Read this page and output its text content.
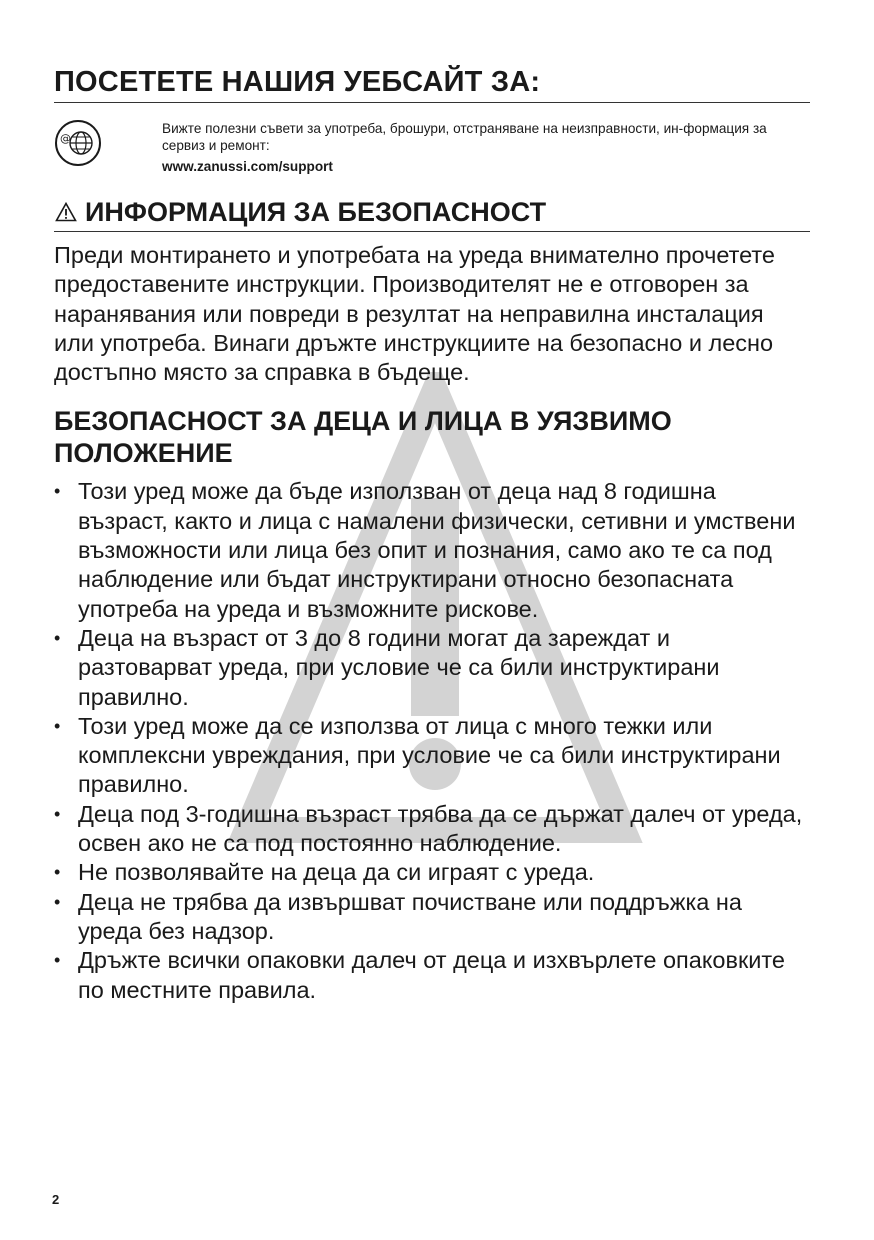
ПОСЕТЕТЕ НАШИЯ УЕБСАЙТ ЗА:
@
Вижте полезни съвети за употреба, брошури, отстраняване на неизправности, ин-формация за сервиз и ремонт:
www.zanussi.com/support
ИНФОРМАЦИЯ ЗА БЕЗОПАСНОСТ

Преди монтирането и употребата на уреда внимателно прочетете предоставените инструкции. Производителят не е отговорен за наранявания или повреди в резултат на неправилна инсталация или употреба. Винаги дръжте инструкциите на безопасно и лесно достъпно място за справка в бъдеще.

БЕЗОПАСНОСТ ЗА ДЕЦА И ЛИЦА В УЯЗВИМО ПОЛОЖЕНИЕ
• Този уред може да бъде използван от деца над 8 годишна възраст, както и лица с намалени физически, сетивни и умствени възможности или лица без опит и познания, само ако те са под наблюдение или бъдат инструктирани относно безопасната употреба на уреда и възможните рискове.
• Деца на възраст от 3 до 8 години могат да зареждат и разтоварват уреда, при условие че са били инструктирани правилно.
• Този уред може да се използва от лица с много тежки или комплексни увреждания, при условие че са били инструктирани правилно.
• Деца под 3-годишна възраст трябва да се държат далеч от уреда, освен ако не са под постоянно наблюдение.
• Не позволявайте на деца да си играят с уреда.
• Деца не трябва да извършват почистване или поддръжка на уреда без надзор.
• Дръжте всички опаковки далеч от деца и изхвърлете опаковките по местните правила.
2
